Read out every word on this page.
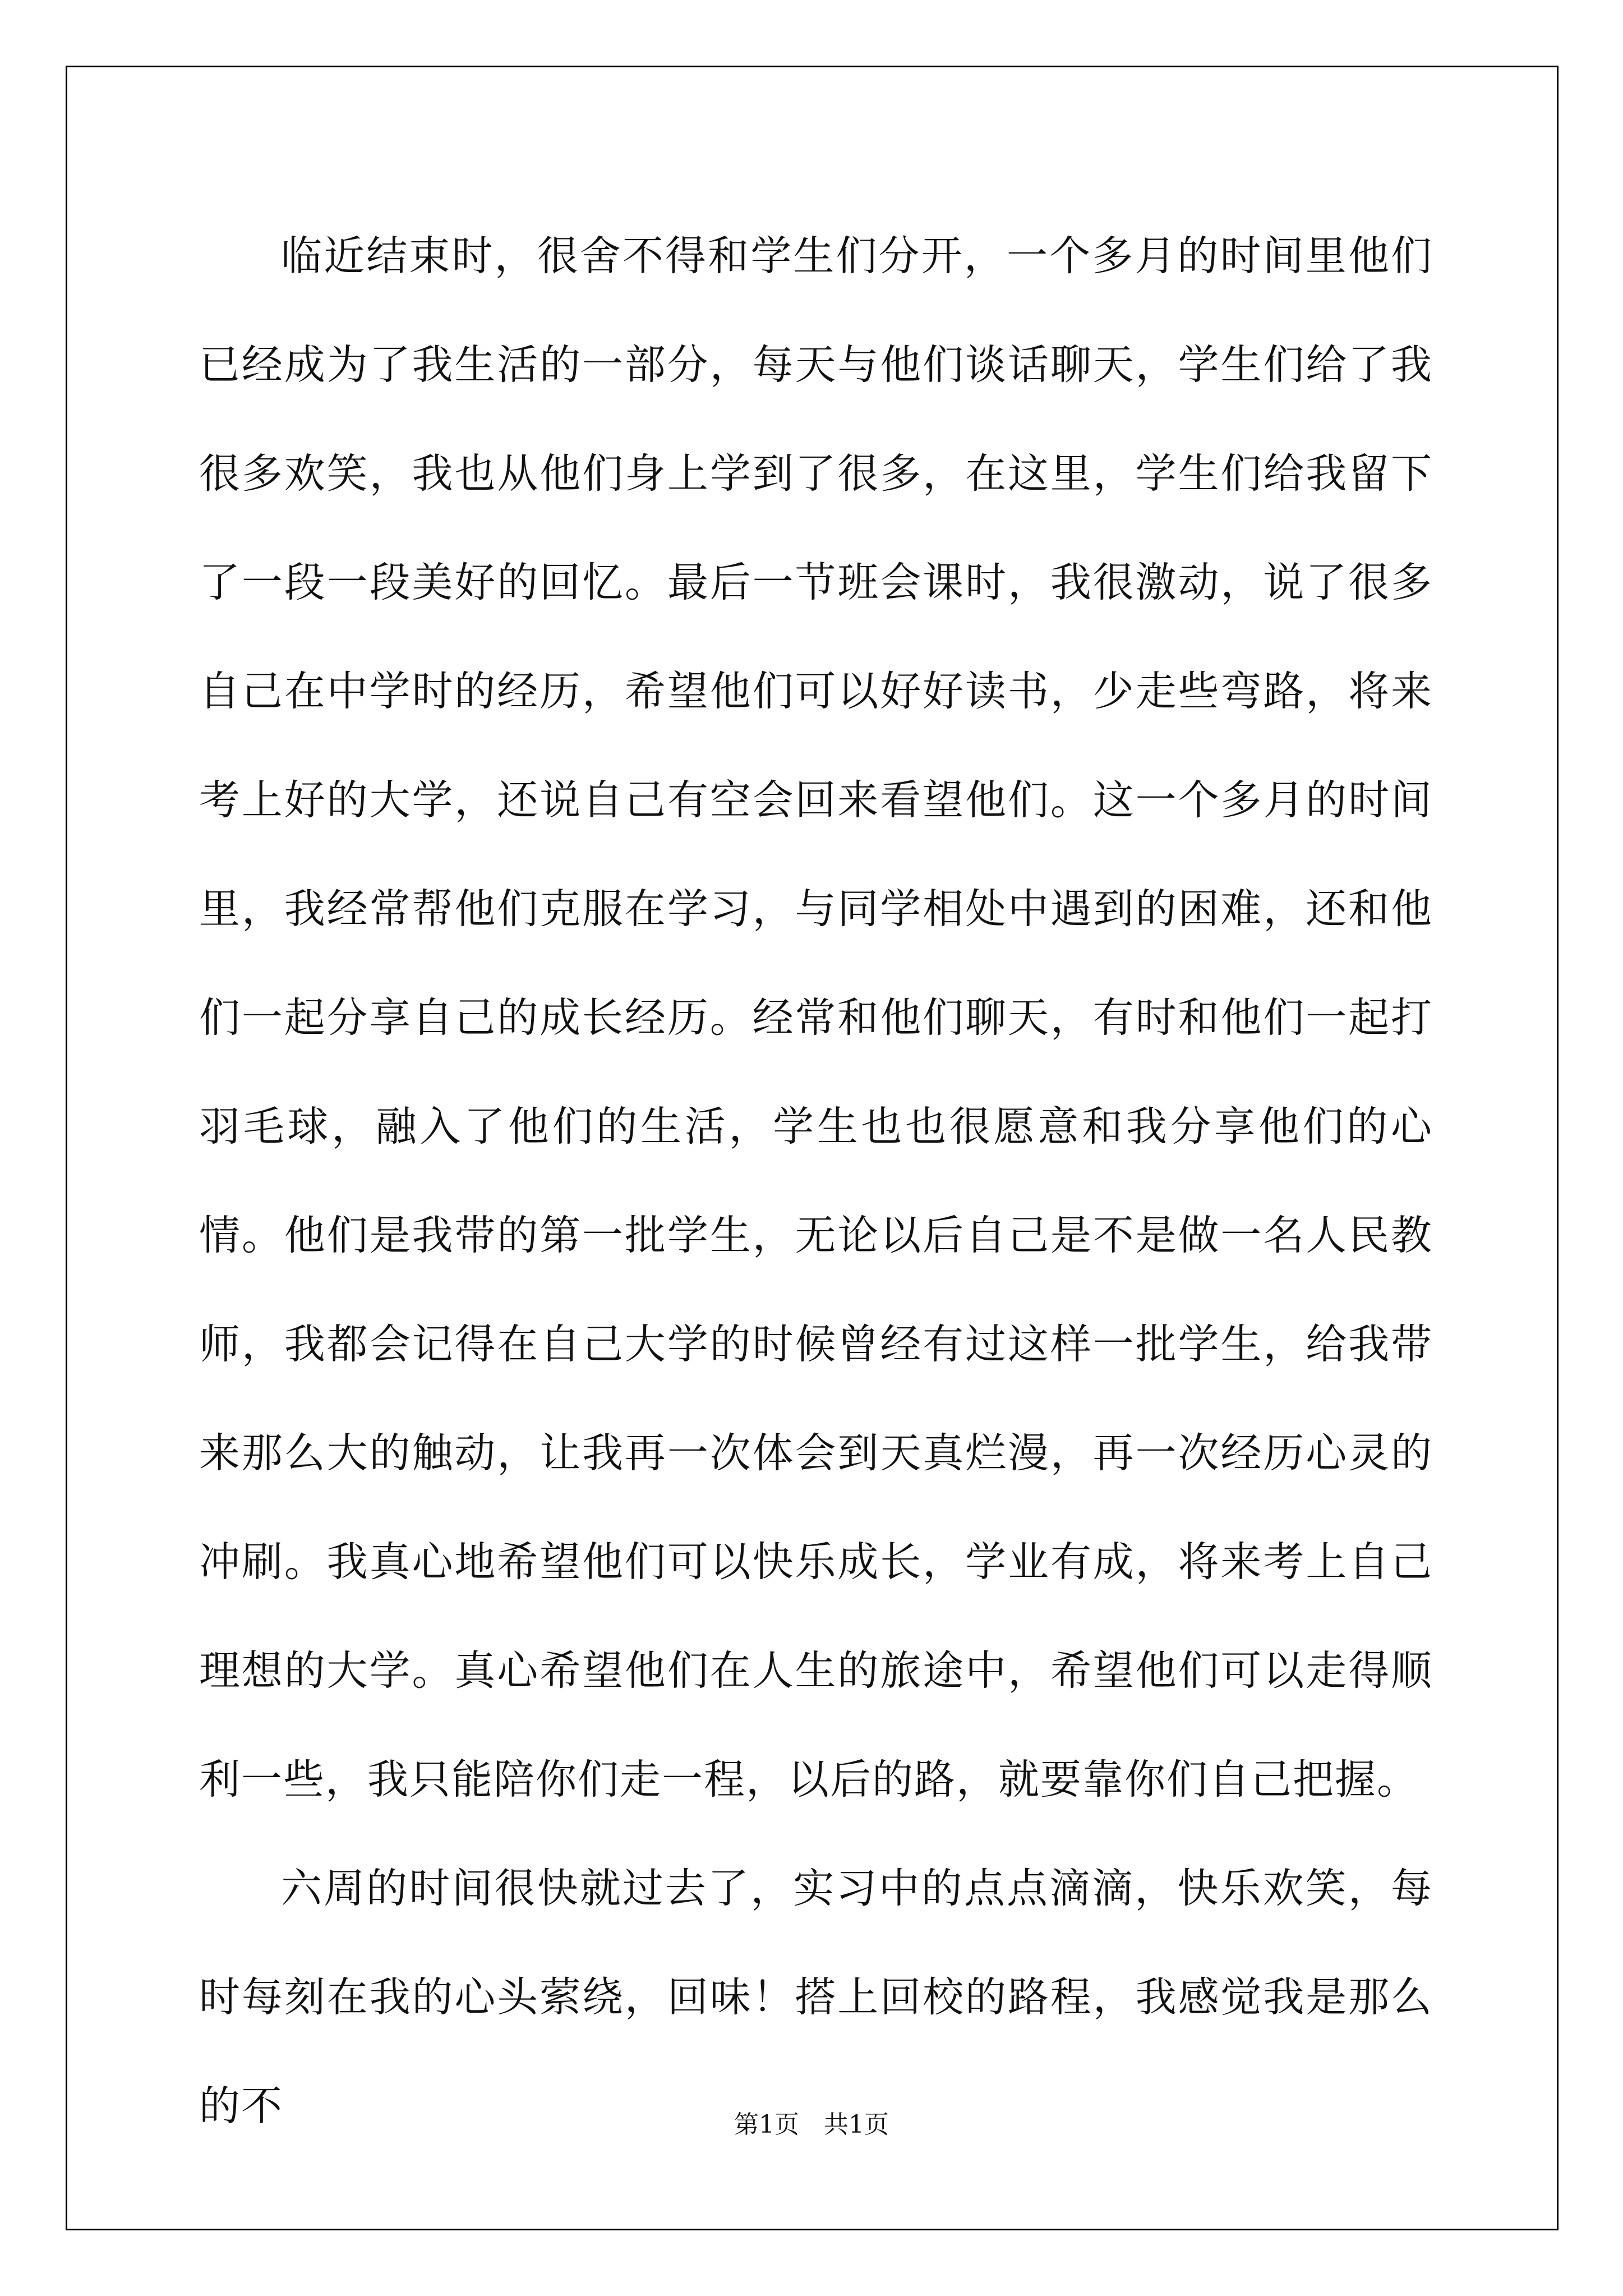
临近结束时，很舍不得和学生们分开，一个多月的时间里他们已经成为了我生活的一部分，每天与他们谈话聊天，学生们给了我很多欢笑，我也从他们身上学到了很多，在这里，学生们给我留下了一段一段美好的回忆。最后一节班会课时，我很激动，说了很多自己在中学时的经历，希望他们可以好好读书，少走些弯路，将来考上好的大学，还说自己有空会回来看望他们。这一个多月的时间里，我经常帮他们克服在学习，与同学相处中遇到的困难，还和他们一起分享自己的成长经历。经常和他们聊天，有时和他们一起打羽毛球，融入了他们的生活，学生也也很愿意和我分享他们的心情。他们是我带的第一批学生，无论以后自己是不是做一名人民教师，我都会记得在自己大学的时候曾经有过这样一批学生，给我带来那么大的触动，让我再一次体会到天真烂漫，再一次经历心灵的冲刷。我真心地希望他们可以快乐成长，学业有成，将来考上自己理想的大学。真心希望他们在人生的旅途中，希望他们可以走得顺利一些，我只能陪你们走一程，以后的路，就要靠你们自己把握。

六周的时间很快就过去了，实习中的点点滴滴，快乐欢笑，每时每刻在我的心头萦绕，回味！搭上回校的路程，我感觉我是那么的不	第1页　共1页
